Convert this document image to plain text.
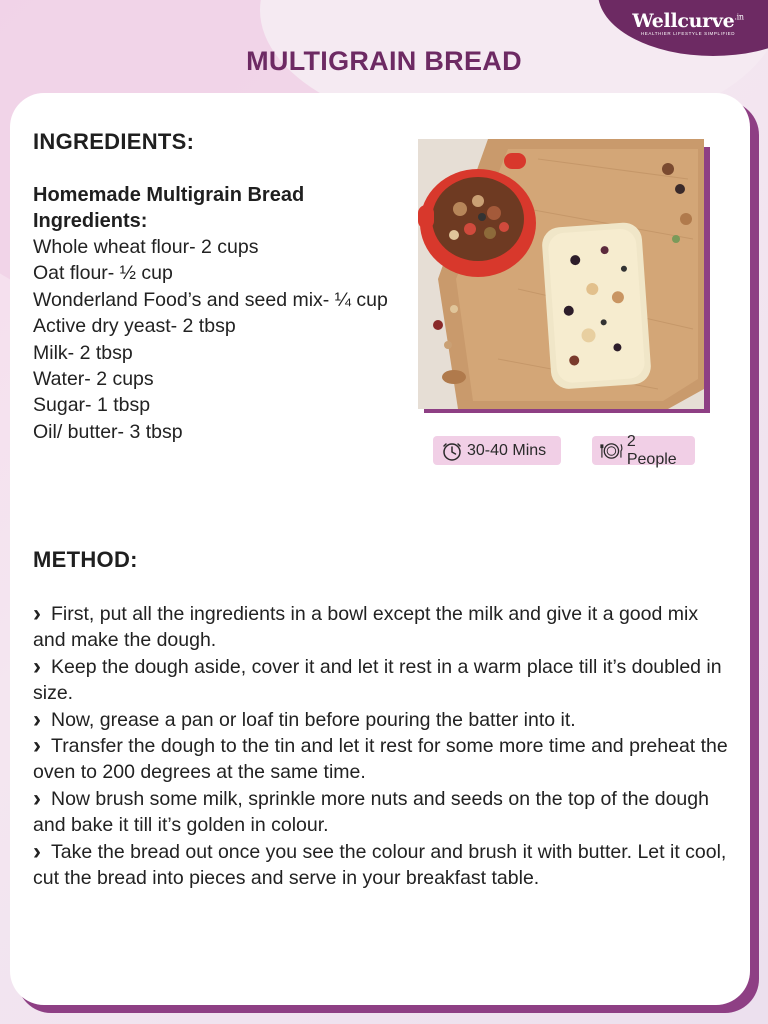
Wellcurve$^{.in}$
HEALTHIER LIFESTYLE SIMPLIFIED
MULTIGRAIN BREAD
INGREDIENTS:
Homemade Multigrain Bread Ingredients:
Whole wheat flour- 2 cups
Oat flour- ½ cup
Wonderland Food’s and seed mix- ¼ cup
Active dry yeast- 2 tbsp
Milk- 2 tbsp
Water- 2 cups
Sugar- 1 tbsp
Oil/ butter- 3 tbsp
30-40 Mins
2 People
METHOD:
› First, put all the ingredients in a bowl except the milk and give it a good mix and make the dough.
› Keep the dough aside, cover it and let it rest in a warm place till it’s doubled in size.
› Now, grease a pan or loaf tin before pouring the batter into it.
› Transfer the dough to the tin and let it rest for some more time and preheat the oven to 200 degrees at the same time.
› Now brush some milk, sprinkle more nuts and seeds on the top of the dough and bake it till it’s golden in colour.
› Take the bread out once you see the colour and brush it with butter. Let it cool, cut the bread into pieces and serve in your breakfast table.
